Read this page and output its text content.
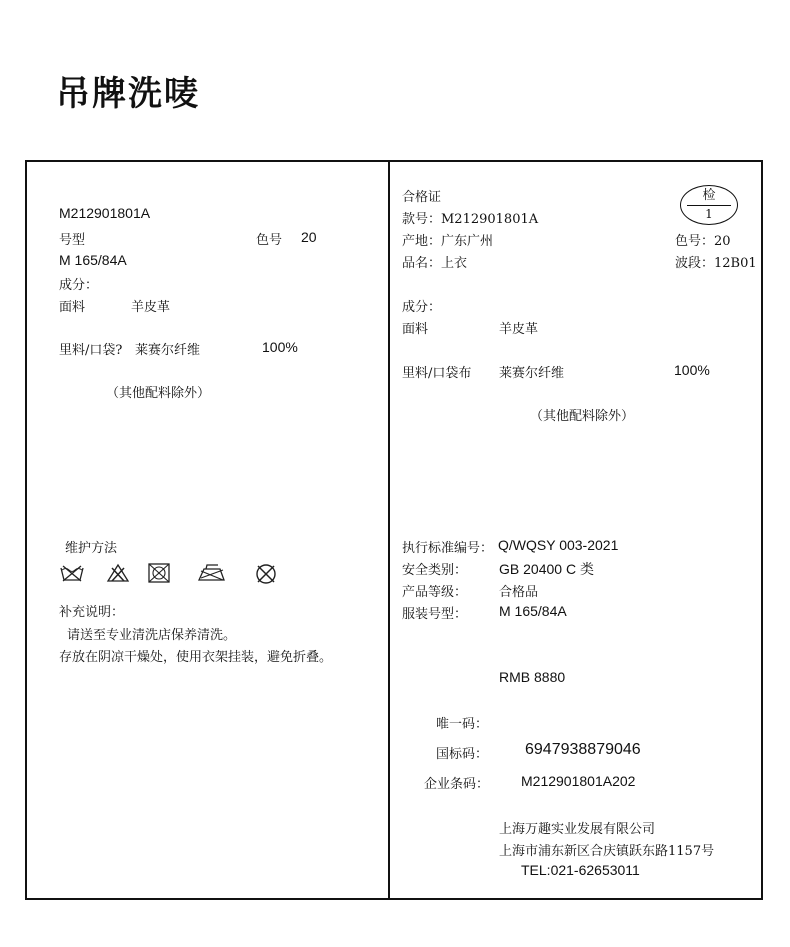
吊牌洗唛
M212901801A
号型	色号 20
M 165/84A
成分：
面料	羊皮革
里料/口袋? 莱赛尔纤维	100%
（其他配料除外）
维护方法
补充说明：
请送至专业清洗店保养清洗。
存放在阴凉干燥处，使用衣架挂装，避免折叠。
合格证	检
1
款号：M212901801A
产地：广东广州	色号：20
品名：上衣	波段：12B01
成分：
面料	羊皮革
里料/口袋布 莱赛尔纤维	100%
（其他配料除外）
执行标准编号： Q/WQSY 003-2021
安全类别： GB 20400 C 类
产品等级： 合格品
服装号型： M 165/84A
RMB 8880
唯一码：
国标码： 6947938879046
企业条码： M212901801A202
上海万趣实业发展有限公司
上海市浦东新区合庆镇跃东路1157号
TEL:021-62653011
